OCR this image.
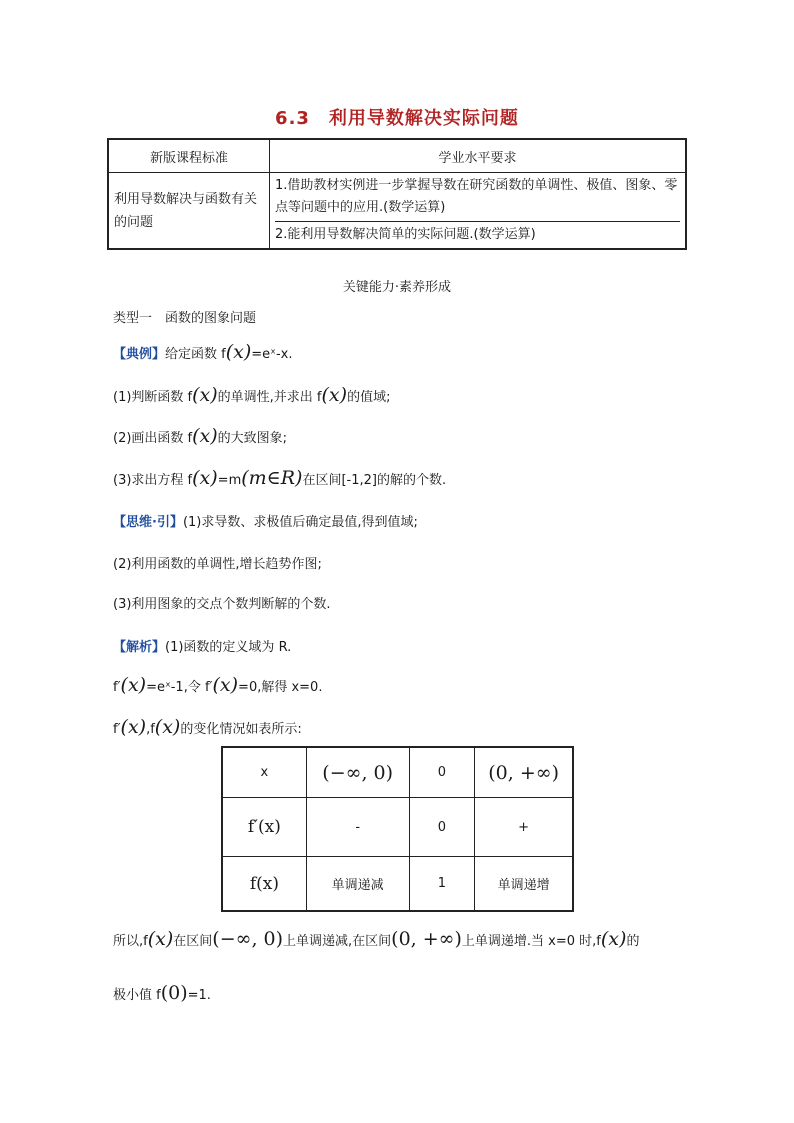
6.3　利用导数解决实际问题
新版课程标准	学业水平要求
利用导数解决与函数有关的问题	1.借助教材实例进一步掌握导数在研究函数的单调性、极值、图象、零点等问题中的应用.(数学运算)

2.能利用导数解决简单的实际问题.(数学运算)

关键能力·素养形成
类型一　函数的图象问题
【典例】给定函数 f(x)=eˣ-x.
(1)判断函数 f(x)的单调性,并求出 f(x)的值域;
(2)画出函数 f(x)的大致图象;
(3)求出方程 f(x)=m(m∈R)在区间[-1,2]的解的个数.
【思维·引】(1)求导数、求极值后确定最值,得到值域;
(2)利用函数的单调性,增长趋势作图;
(3)利用图象的交点个数判断解的个数.
【解析】(1)函数的定义域为 R.
f′(x)=eˣ-1,令 f′(x)=0,解得 x=0.
f′(x),f(x)的变化情况如表所示:
x	(−∞, 0)	0	(0, +∞)
f′(x)	-	0	+
f(x)	单调递减	1	单调递增
所以,f(x)在区间(−∞, 0)上单调递减,在区间(0, +∞)上单调递增.当 x=0 时,f(x)的
极小值 f(0)=1.
